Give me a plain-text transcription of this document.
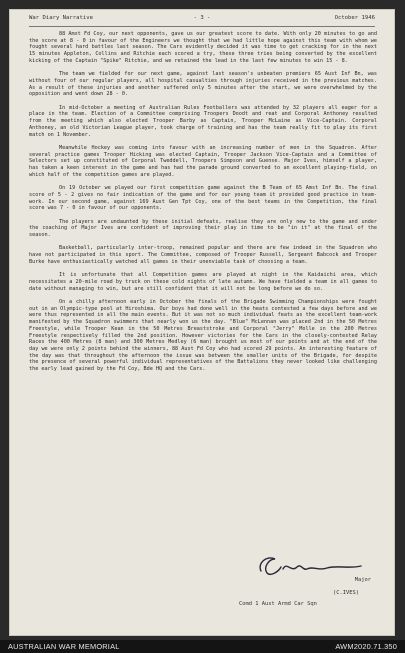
War Diary Narrative	- 3 -	October 1946

88 Amst Fd Coy, our next opponents, gave us our greatest score to date. With only 20 minutes to go and the score at 8 - 0 in favour of the Engineers we thought that we had little hope against this team with whom we fought several hard battles last season. The Cars evidently decided it was time to get cracking for in the next 15 minutes Appleton, Collins and Ritchie each scored a try, these three tries being converted by the excellent kicking of the Captain "Spike" Ritchie, and we retained the lead in the last few minutes to win 15 - 8.

The team we fielded for our next game, against last season's unbeaten premiers 65 Aust Inf Bn, was without four of our regular players, all hospital casualties through injuries received in the previous matches. As a result of these injuries and another suffered only 5 minutes after the start, we were overwhelmed by the opposition and went down 28 - 0.

In mid-October a meeting of Australian Rules Footballers was attended by 32 players all eager for a place in the team. Election of a Committee comprising Troopers Doodt and reat and Corporal Anthoney resulted from the meeting which also elected Trooper Barby as Captain, Trooper McLaine as Vice-Captain. Corporal Anthoney, an old Victorian League player, took charge of training and has the team really fit to play its first match on 1 November.

Meanwhile Hockey was coming into favour with an increasing number of men in the Squadron. After several practice games Trooper Hicking was elected Captain, Trooper Jackson Vice-Captain and a Committee of Selectors set up constituted of Corporal Tweddell, Troopers Simpson and Guense. Major Ives, himself a player, has taken a keen interest in the game and has had the parade ground converted to an excellent playing-field, on which half of the competition games are played.

On 19 October we played our first competition game against the B Team of 65 Amst Inf Bn. The final score of 5 - 2 gives no fair indication of the game and for our young team it provided good practice in team-work. In our second game, against 169 Aust Gen Tpt Coy, one of the best teams in the Competition, the final score was 7 - 0 in favour of our opponents.

The players are undaunted by these initial defeats, realise they are only new to the game and under the coaching of Major Ives are confident of improving their play in time to be "in it" at the final of the season.

Basketball, particularly inter-troop, remained popular and there are few indeed in the Squadron who have not participated in this sport. The Committee, composed of Trooper Russell, Sergeant Babcock and Trooper Burke have enthusiastically watched all games in their unenviable task of choosing a team.

It is unfortunate that all Competition games are played at night in the Kaidaichi area, which necessitates a 20-mile road by truck on these cold nights of late autumn. We have fielded a team in all games to date without managing to win, but are still confident that it will not be long before we do so.

On a chilly afternoon early in October the finals of the Brigade Swimming Championships were fought out in an Olympic-type pool at Hiroshima. Our boys had done well in the heats contested a few days before and we were thus represented in all the main events. But it was not so much individual feats as the excellent team-work manifested by the Squadron swimmers that nearly won us the day. "Blue" McLennan was placed 2nd in the 50 Metres Freestyle, while Trooper Kean in the 50 Metres Breaststroke and Corporal "Jerry" Molle in the 200 Metres Freestyle respectively filled the 2nd position. However victories for the Cars in the closely-contested Relay Races the 400 Metres (8 man) and 300 Metres Medley (6 man) brought us most of our points and at the end of the day we were only 2 points behind the winners, 88 Aust Fd Coy who had scored 29 points. An interesting feature of the day was that throughout the afternoon the issue was between the smaller units of the Brigade, for despite the presence of several powerful individual representatives of the Battalions they never looked like challenging the early lead gained by the Fd Coy, Bde HQ and the Cars.

Major
(C.IVES)
Comd 1 Aust Armd Car Sqn
AUSTRALIAN WAR MEMORIAL	AWM2020.71.350
